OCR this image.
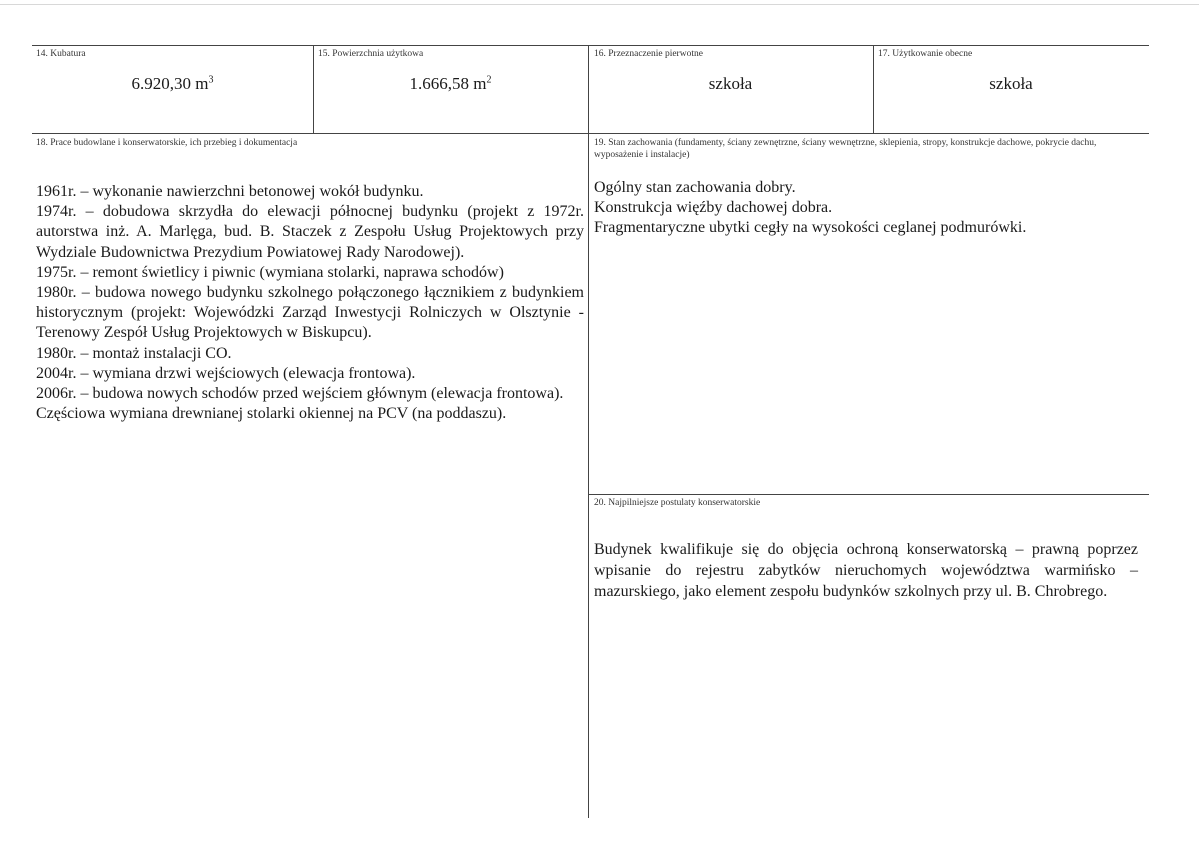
14. Kubatura
6.920,30 $m^3$
15. Powierzchnia użytkowa
1.666,58 $m^2$
16. Przeznaczenie pierwotne
szkoła
17. Użytkowanie obecne
szkoła
18. Prace budowlane i konserwatorskie, ich przebieg i dokumentacja

1961r. – wykonanie nawierzchni betonowej wokół budynku.

1974r. – dobudowa skrzydła do elewacji północnej budynku (projekt z 1972r. autorstwa inż. A. Marlęga, bud. B. Staczek z Zespołu Usług Projektowych przy Wydziale Budownictwa Prezydium Powiatowej Rady Narodowej).

1975r. – remont świetlicy i piwnic (wymiana stolarki, naprawa schodów)

1980r. – budowa nowego budynku szkolnego połączonego łącznikiem z budynkiem historycznym (projekt: Wojewódzki Zarząd Inwestycji Rolniczych w Olsztynie - Terenowy Zespół Usług Projektowych w Biskupcu).

1980r. – montaż instalacji CO.

2004r. – wymiana drzwi wejściowych (elewacja frontowa).

2006r. – budowa nowych schodów przed wejściem głównym (elewacja frontowa).

Częściowa wymiana drewnianej stolarki okiennej na PCV (na poddaszu).

19. Stan zachowania (fundamenty, ściany zewnętrzne, ściany wewnętrzne, sklepienia, stropy, konstrukcje dachowe, pokrycie dachu, wyposażenie i instalacje)

Ogólny stan zachowania dobry.

Konstrukcja więźby dachowej dobra.

Fragmentaryczne ubytki cegły na wysokości ceglanej podmurówki.

20. Najpilniejsze postulaty konserwatorskie

Budynek kwalifikuje się do objęcia ochroną konserwatorską – prawną poprzez wpisanie do rejestru zabytków nieruchomych województwa warmińsko – mazurskiego, jako element zespołu budynków szkolnych przy ul. B. Chrobrego.
